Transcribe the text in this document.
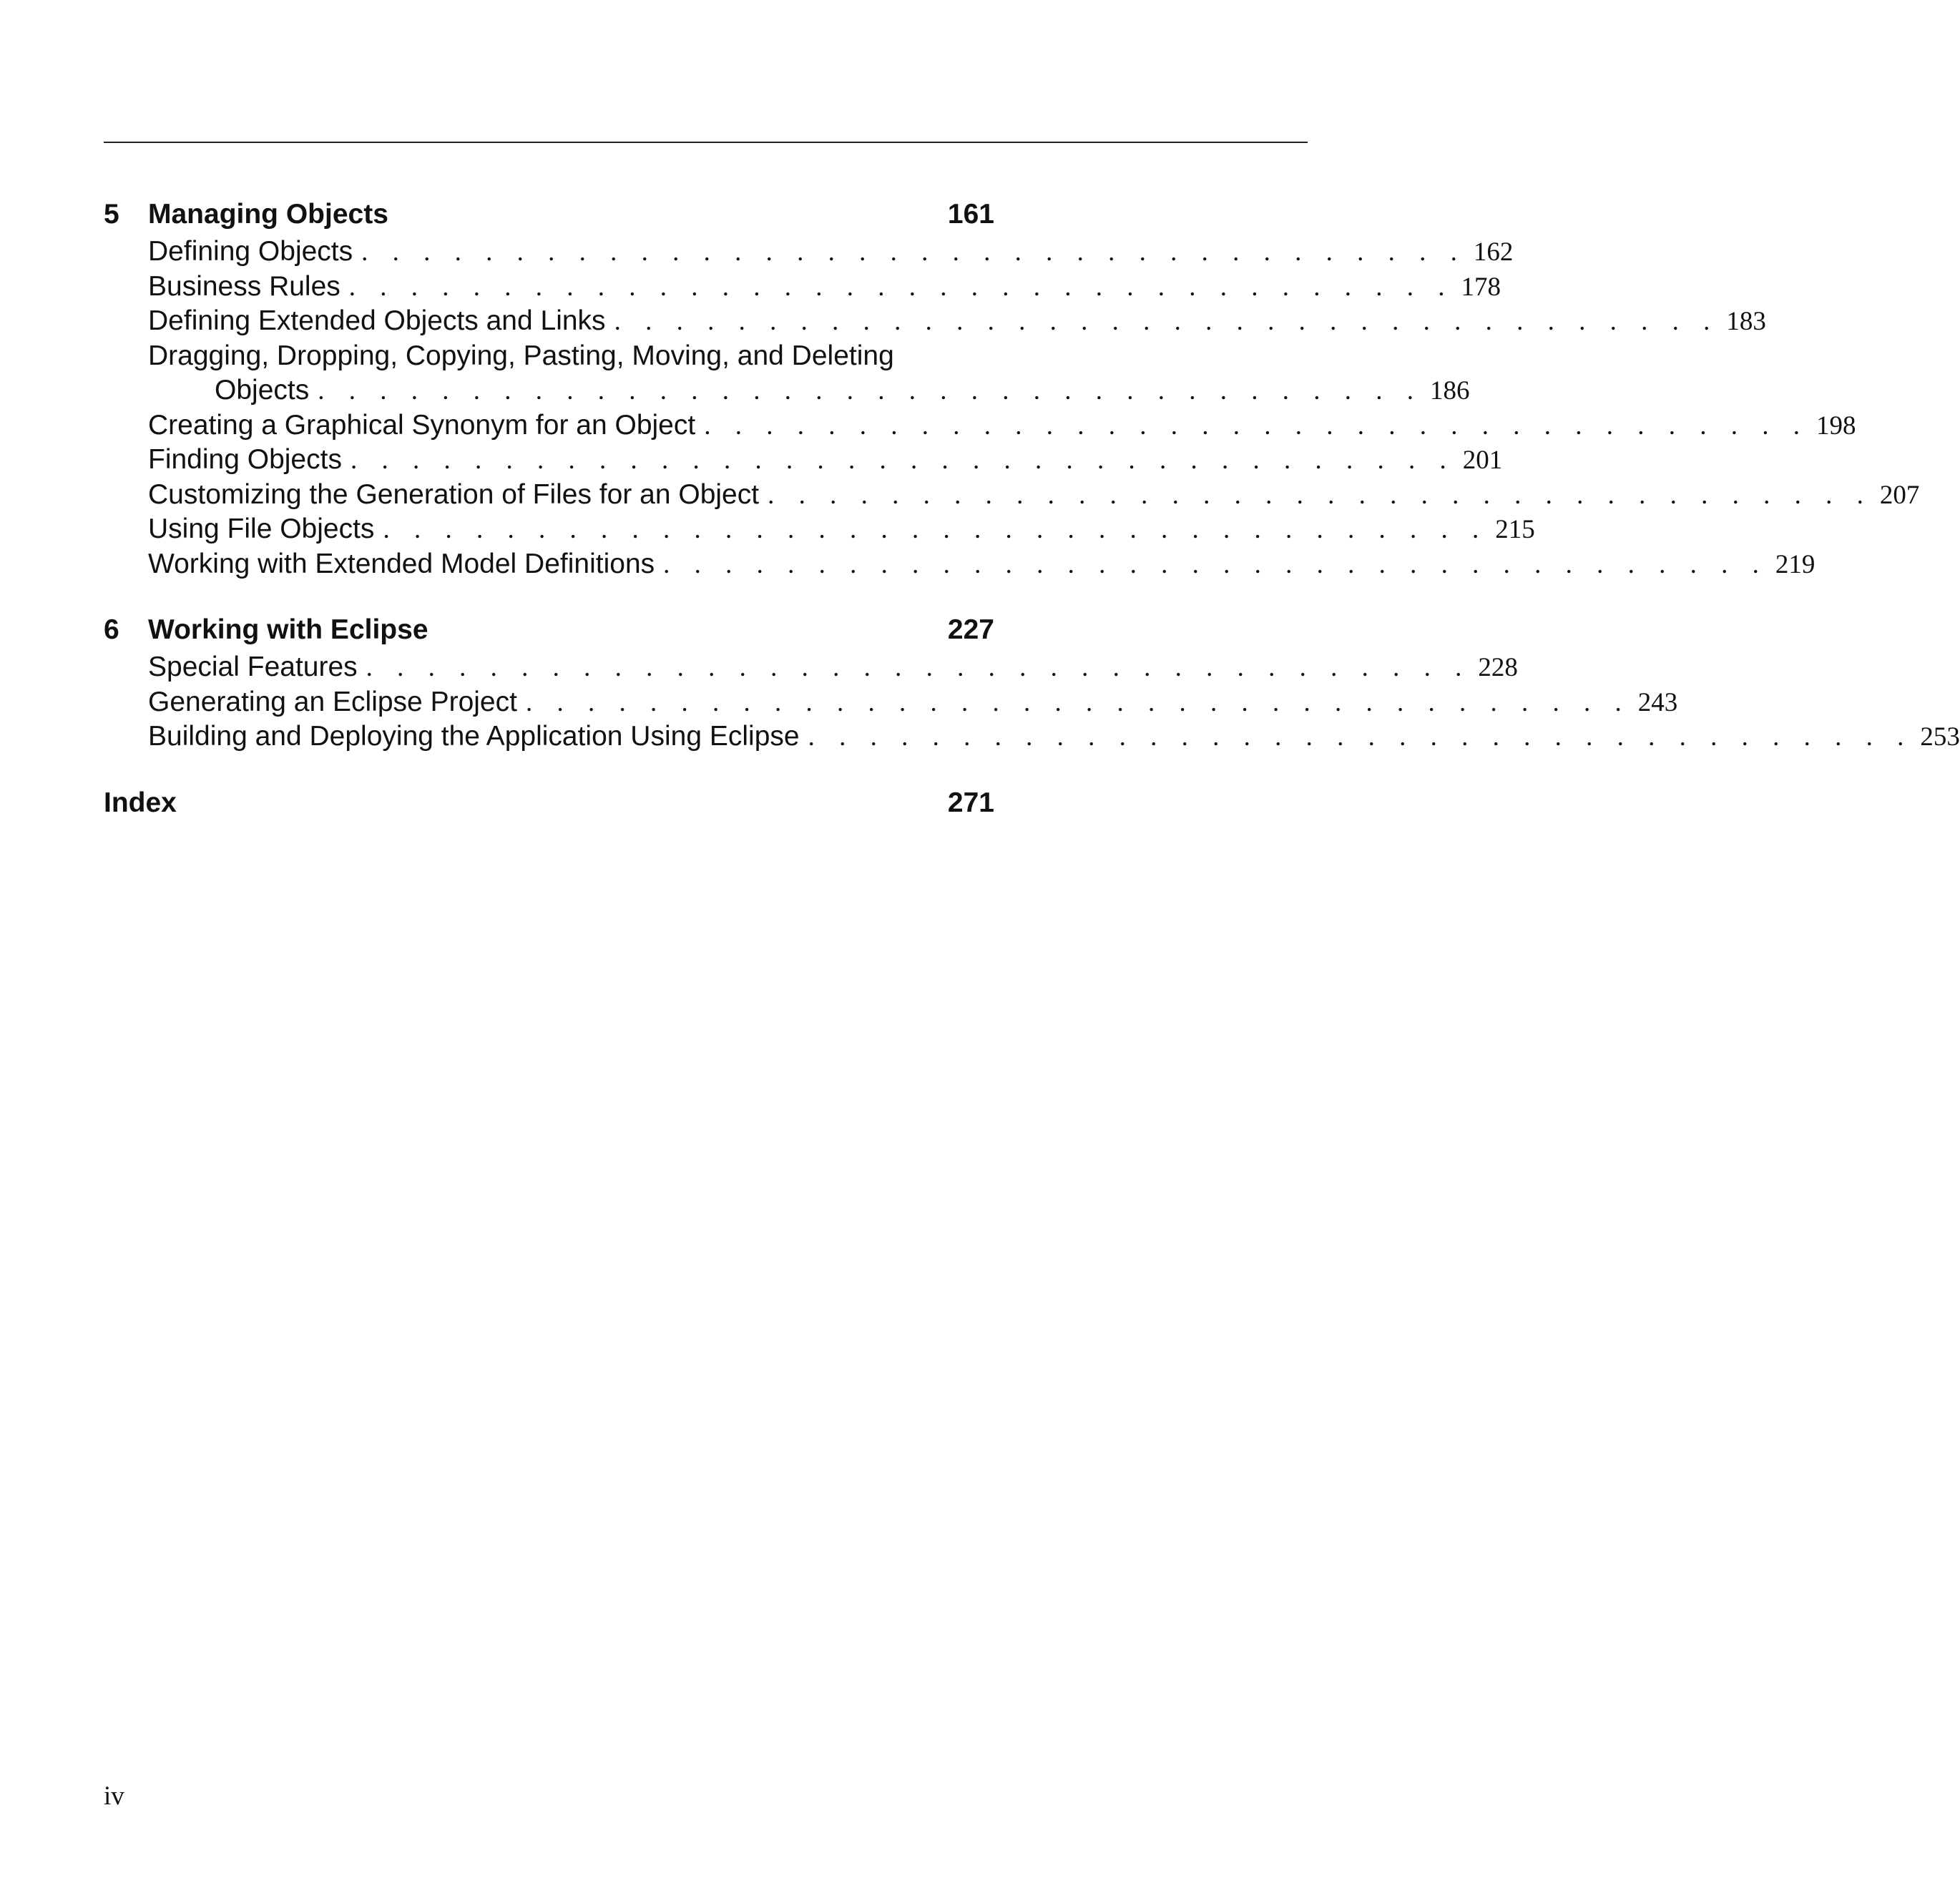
5	Managing Objects	161
Defining Objects . . . . . . . . . . . . . . . . . . . . . . . . . . . . . . . . . . . . 162
Business Rules . . . . . . . . . . . . . . . . . . . . . . . . . . . . . . . . . . . . 178
Defining Extended Objects and Links . . . . . . . . . . . . . . . . . . . . . . . . . . . . . . . . . . . . 183
Dragging, Dropping, Copying, Pasting, Moving, and Deleting
Objects . . . . . . . . . . . . . . . . . . . . . . . . . . . . . . . . . . . . 186
Creating a Graphical Synonym for an Object . . . . . . . . . . . . . . . . . . . . . . . . . . . . . . . . . . . . 198
Finding Objects . . . . . . . . . . . . . . . . . . . . . . . . . . . . . . . . . . . . 201
Customizing the Generation of Files for an Object . . . . . . . . . . . . . . . . . . . . . . . . . . . . . . . . . . . . 207
Using File Objects . . . . . . . . . . . . . . . . . . . . . . . . . . . . . . . . . . . . 215
Working with Extended Model Definitions . . . . . . . . . . . . . . . . . . . . . . . . . . . . . . . . . . . . 219
6	Working with Eclipse	227
Special Features . . . . . . . . . . . . . . . . . . . . . . . . . . . . . . . . . . . . 228
Generating an Eclipse Project . . . . . . . . . . . . . . . . . . . . . . . . . . . . . . . . . . . . 243
Building and Deploying the Application Using Eclipse . . . . . . . . . . . . . . . . . . . . . . . . . . . . . . . . . . . . 253
Index	271
iv
